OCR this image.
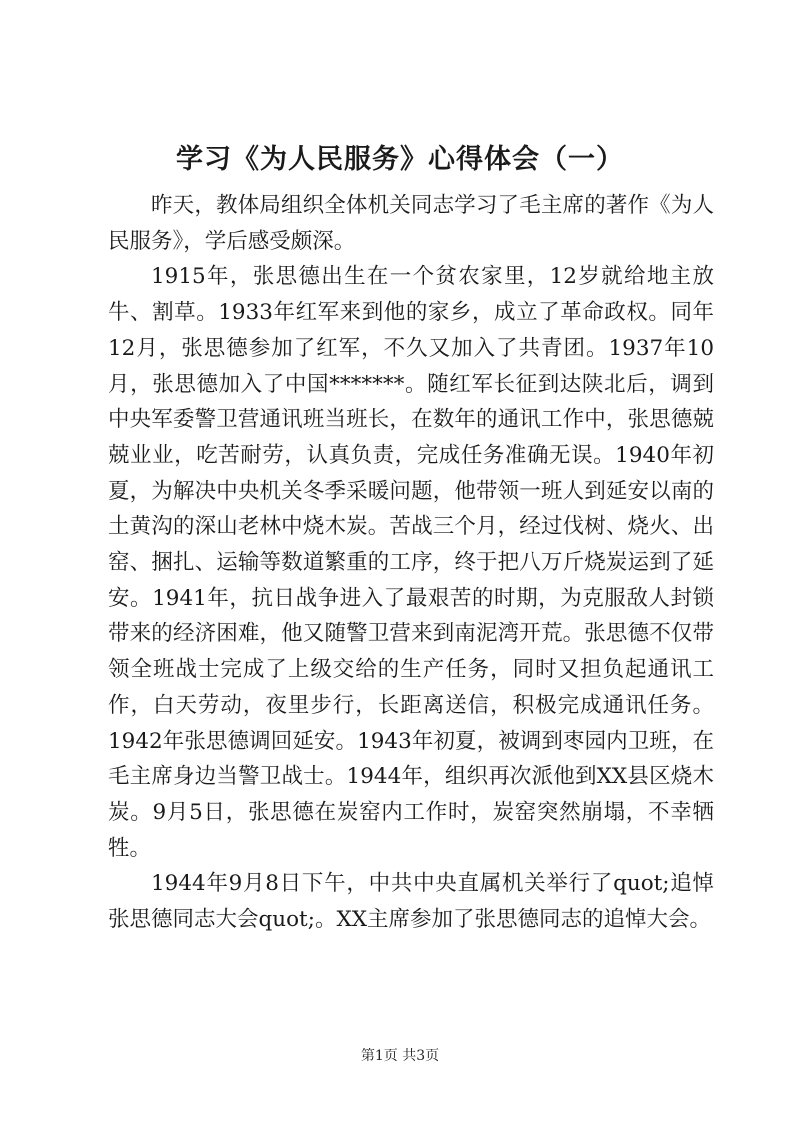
学习《为人民服务》心得体会（一）

昨天，教体局组织全体机关同志学习了毛主席的著作《为人民服务》，学后感受颇深。

1915年，张思德出生在一个贫农家里，12岁就给地主放牛、割草。1933年红军来到他的家乡，成立了革命政权。同年12月，张思德参加了红军，不久又加入了共青团。1937年10月，张思德加入了中国*******。随红军长征到达陕北后，调到中央军委警卫营通讯班当班长，在数年的通讯工作中，张思德兢兢业业，吃苦耐劳，认真负责，完成任务准确无误。1940年初夏，为解决中央机关冬季采暖问题，他带领一班人到延安以南的土黄沟的深山老林中烧木炭。苦战三个月，经过伐树、烧火、出窑、捆扎、运输等数道繁重的工序，终于把八万斤烧炭运到了延安。1941年，抗日战争进入了最艰苦的时期，为克服敌人封锁带来的经济困难，他又随警卫营来到南泥湾开荒。张思德不仅带领全班战士完成了上级交给的生产任务，同时又担负起通讯工作，白天劳动，夜里步行，长距离送信，积极完成通讯任务。1942年张思德调回延安。1943年初夏，被调到枣园内卫班，在毛主席身边当警卫战士。1944年，组织再次派他到XX县区烧木炭。9月5日，张思德在炭窑内工作时，炭窑突然崩塌，不幸牺牲。

1944年9月8日下午，中共中央直属机关举行了quot;追悼张思德同志大会quot;。XX主席参加了张思德同志的追悼大会。

第1页 共3页
